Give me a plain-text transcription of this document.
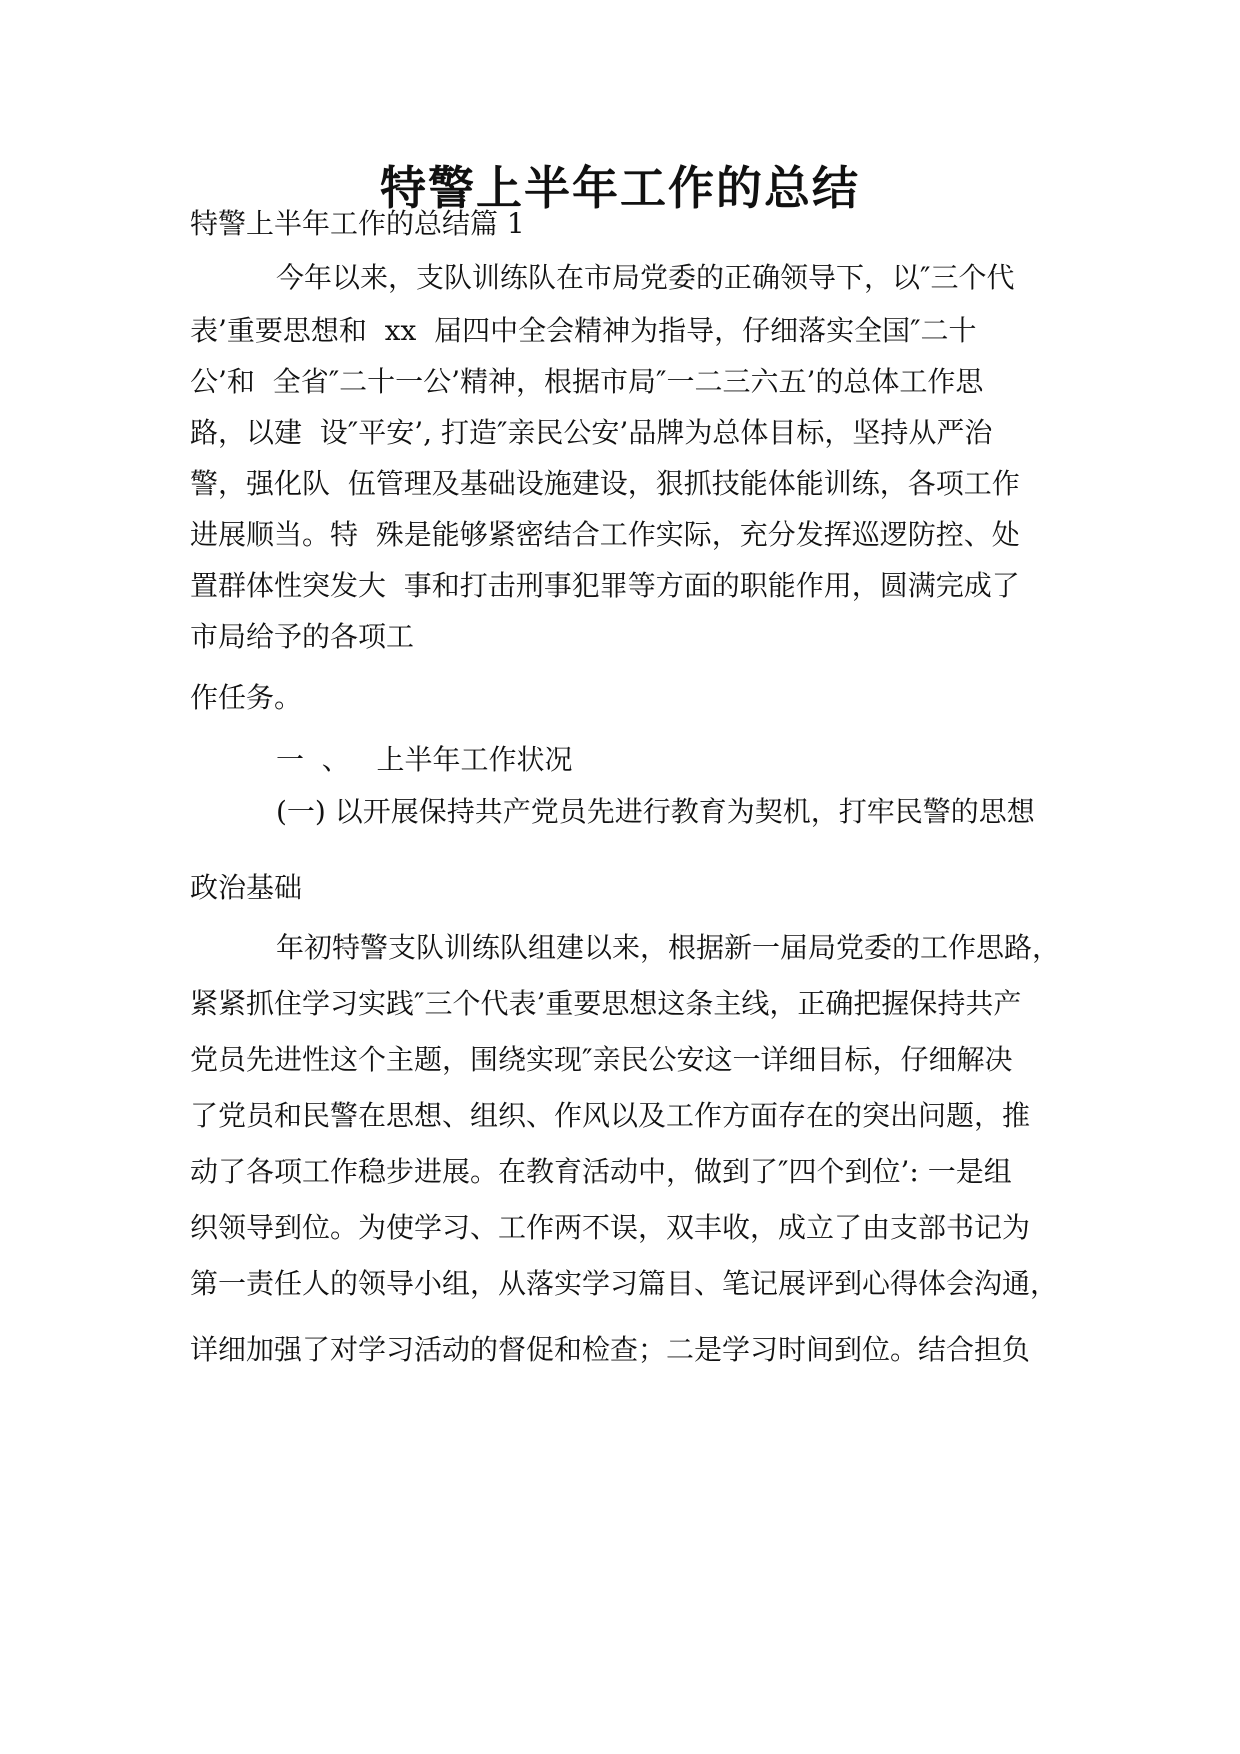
特警上半年工作的总结

特警上半年工作的总结篇 1

今年以来，支队训练队在市局党委的正确领导下，以″三个代

表’重要思想和  xx  届四中全会精神为指导，仔细落实全国″二十

公’和  全省″二十一公’精神，根据市局″一二三六五’的总体工作思

路，以建  设″平安’, 打造″亲民公安’品牌为总体目标，坚持从严治

警，强化队  伍管理及基础设施建设，狠抓技能体能训练，各项工作

进展顺当。特  殊是能够紧密结合工作实际，充分发挥巡逻防控、处

置群体性突发大  事和打击刑事犯罪等方面的职能作用，圆满完成了

市局给予的各项工

作任务。

一  、   上半年工作状况

(一) 以开展保持共产党员先进行教育为契机，打牢民警的思想

政治基础

年初特警支队训练队组建以来，根据新一届局党委的工作思路，

紧紧抓住学习实践″三个代表’重要思想这条主线，正确把握保持共产

党员先进性这个主题，围绕实现″亲民公安这一详细目标，仔细解决

了党员和民警在思想、组织、作风以及工作方面存在的突出问题，推

动了各项工作稳步进展。在教育活动中，做到了″四个到位’: 一是组

织领导到位。为使学习、工作两不误，双丰收，成立了由支部书记为

第一责任人的领导小组，从落实学习篇目、笔记展评到心得体会沟通，

详细加强了对学习活动的督促和检查；二是学习时间到位。结合担负
